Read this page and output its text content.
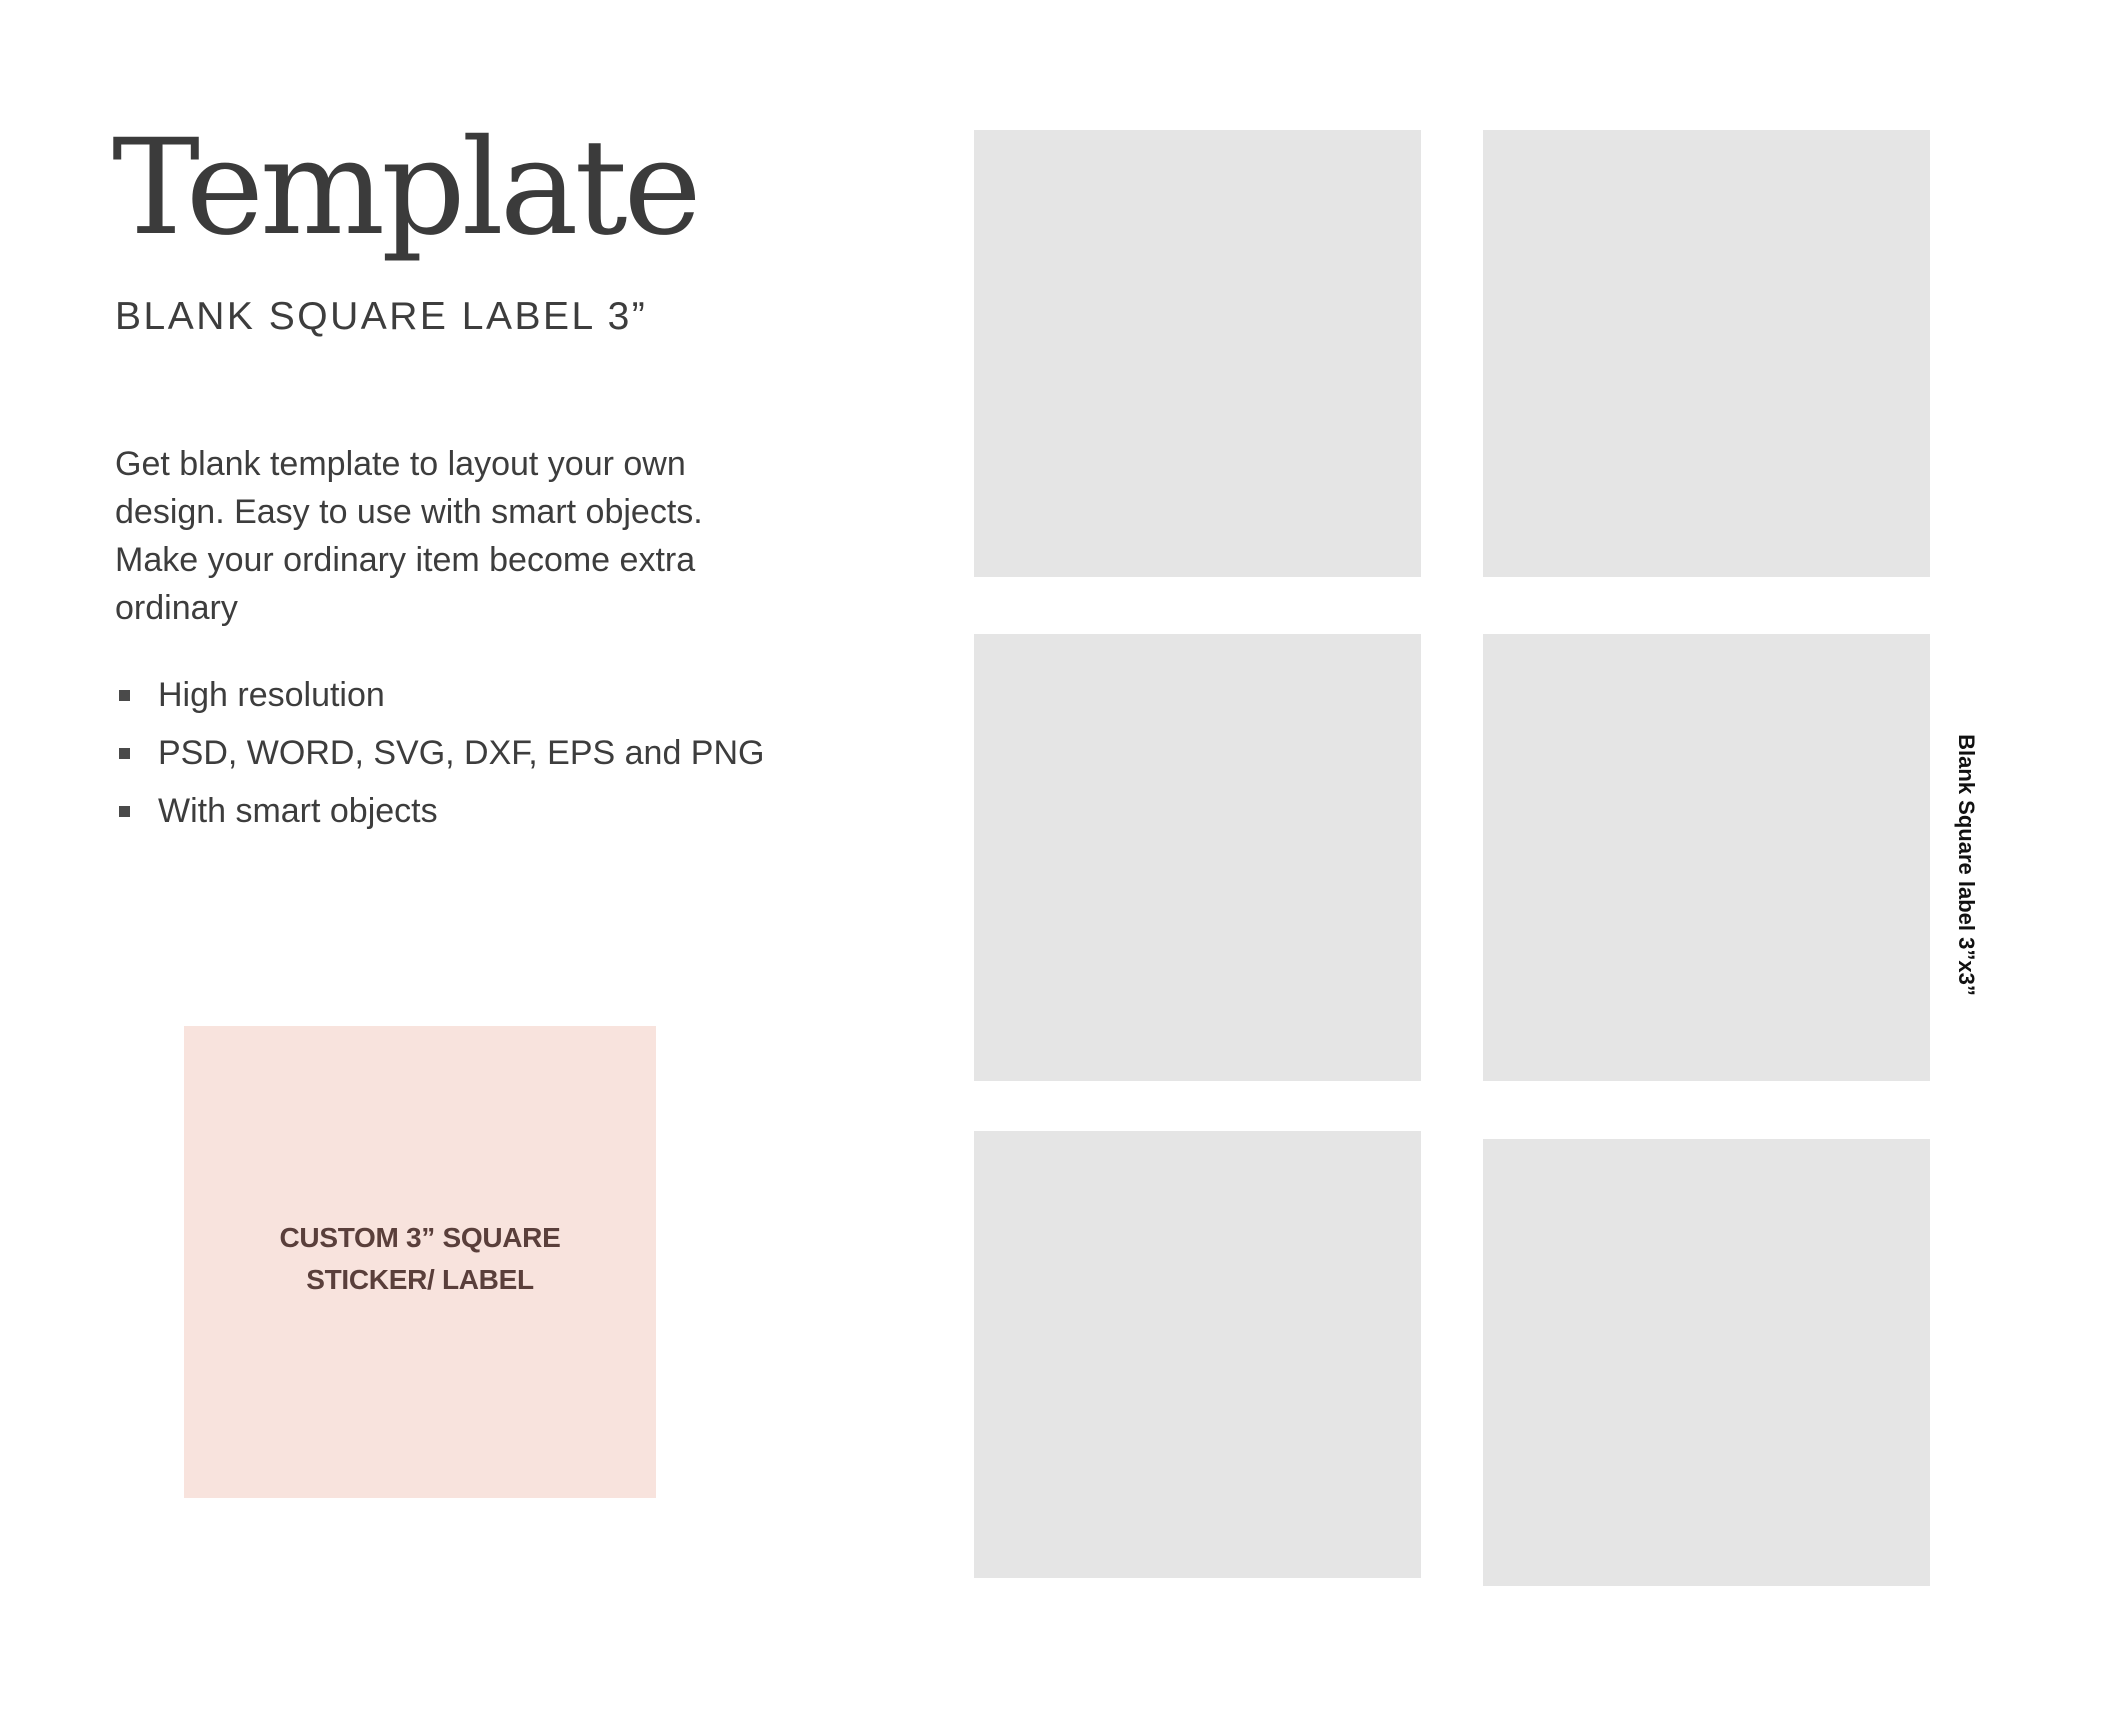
Template
BLANK SQUARE LABEL 3”

Get blank template to layout your own design. Easy to use with smart objects. Make your ordinary item become extra ordinary

High resolution
PSD, WORD, SVG, DXF, EPS and PNG
With smart objects
CUSTOM 3” SQUARE
STICKER/ LABEL
Blank Square label 3”x3”
